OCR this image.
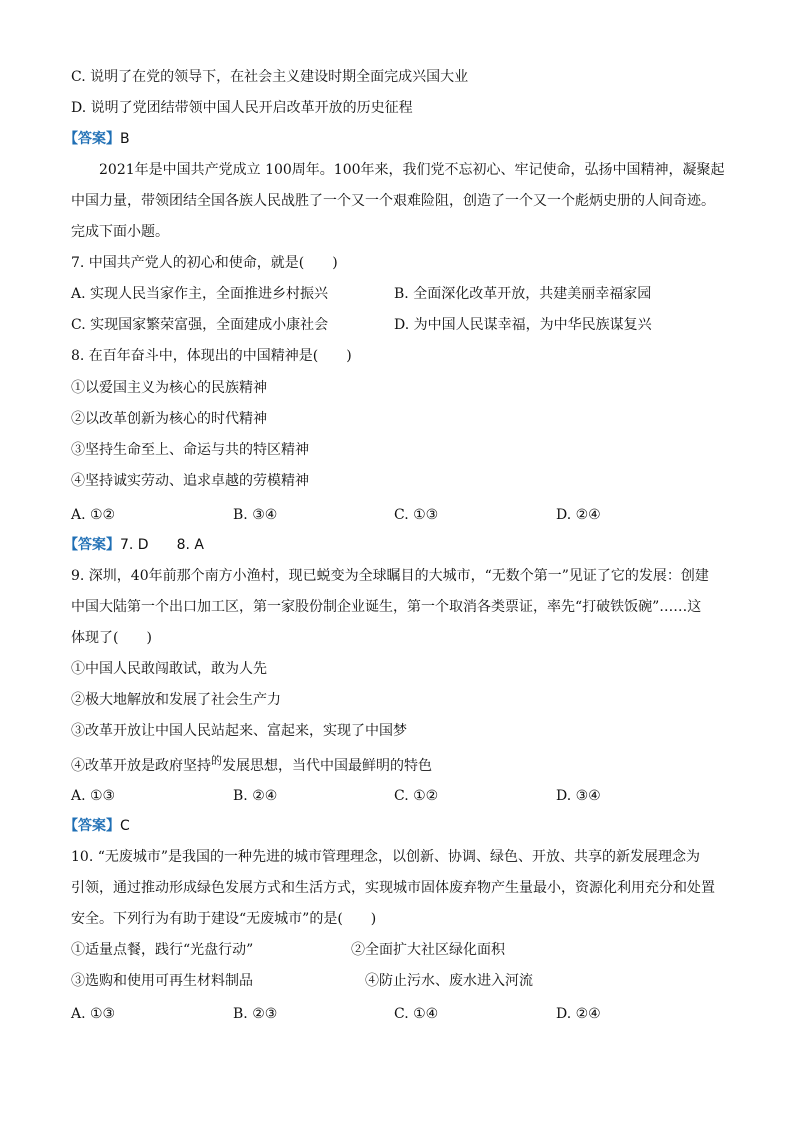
C. 说明了在党的领导下，在社会主义建设时期全面完成兴国大业
D. 说明了党团结带领中国人民开启改革开放的历史征程
【答案】B
2021年是中国共产党成立 100周年。100年来，我们党不忘初心、牢记使命，弘扬中国精神，凝聚起
中国力量，带领团结全国各族人民战胜了一个又一个艰难险阻，创造了一个又一个彪炳史册的人间奇迹。
完成下面小题。
7. 中国共产党人的初心和使命，就是(　　)
A. 实现人民当家作主，全面推进乡村振兴	B. 全面深化改革开放，共建美丽幸福家园
C. 实现国家繁荣富强，全面建成小康社会	D. 为中国人民谋幸福，为中华民族谋复兴
8. 在百年奋斗中，体现出的中国精神是(　　)
①以爱国主义为核心的民族精神
②以改革创新为核心的时代精神
③坚持生命至上、命运与共的特区精神
④坚持诚实劳动、追求卓越的劳模精神
A. ①②	B. ③④	C. ①③	D. ②④
【答案】7. D　　8. A
9. 深圳，40年前那个南方小渔村，现已蜕变为全球瞩目的大城市，“无数个第一”见证了它的发展：创建
中国大陆第一个出口加工区，第一家股份制企业诞生，第一个取消各类票证，率先“打破铁饭碗”……这
体现了(　　)
①中国人民敢闯敢试，敢为人先
②极大地解放和发展了社会生产力
③改革开放让中国人民站起来、富起来，实现了中国梦
④改革开放是政府坚持$^的$发展思想，当代中国最鲜明的特色
A. ①③	B. ②④	C. ①②	D. ③④
【答案】C
10. “无废城市”是我国的一种先进的城市管理理念，以创新、协调、绿色、开放、共享的新发展理念为
引领，通过推动形成绿色发展方式和生活方式，实现城市固体废弃物产生量最小，资源化利用充分和处置
安全。下列行为有助于建设“无废城市”的是(　　)
①适量点餐，践行“光盘行动”	②全面扩大社区绿化面积
③选购和使用可再生材料制品	④防止污水、废水进入河流
A. ①③	B. ②③	C. ①④	D. ②④
